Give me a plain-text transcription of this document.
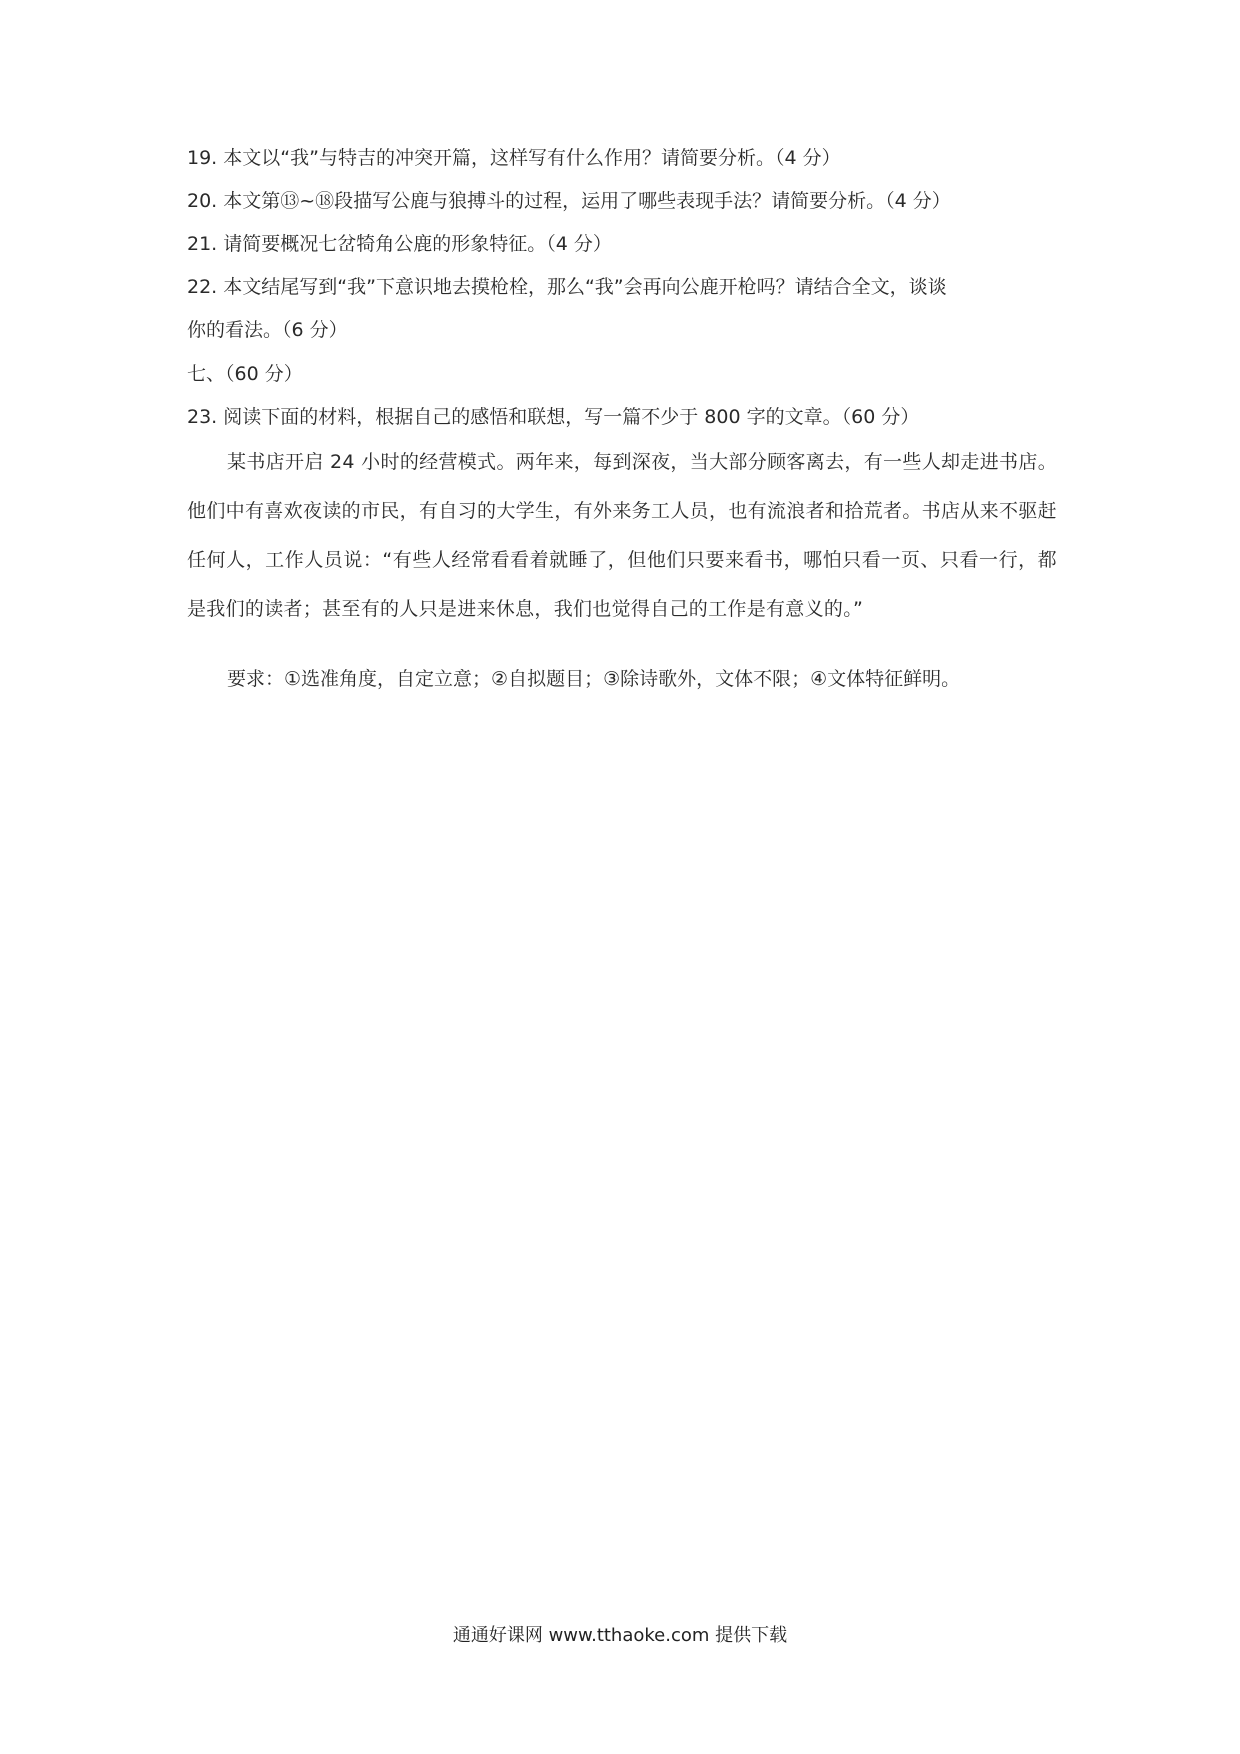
19. 本文以“我”与特吉的冲突开篇，这样写有什么作用？请简要分析。（4 分）
20. 本文第⑬~⑱段描写公鹿与狼搏斗的过程，运用了哪些表现手法？请简要分析。（4 分）
21. 请简要概况七岔犄角公鹿的形象特征。（4 分）
22. 本文结尾写到“我”下意识地去摸枪栓，那么“我”会再向公鹿开枪吗？请结合全文，谈谈
你的看法。（6 分）
七、（60 分）
23. 阅读下面的材料，根据自己的感悟和联想，写一篇不少于 800 字的文章。（60 分）
某书店开启 24 小时的经营模式。两年来，每到深夜，当大部分顾客离去，有一些人却走进书店。他们中有喜欢夜读的市民，有自习的大学生，有外来务工人员，也有流浪者和拾荒者。书店从来不驱赶任何人，工作人员说：“有些人经常看看着就睡了，但他们只要来看书，哪怕只看一页、只看一行，都是我们的读者；甚至有的人只是进来休息，我们也觉得自己的工作是有意义的。”
要求：①选准角度，自定立意；②自拟题目；③除诗歌外，文体不限；④文体特征鲜明。
通通好课网 www.tthaoke.com 提供下载
